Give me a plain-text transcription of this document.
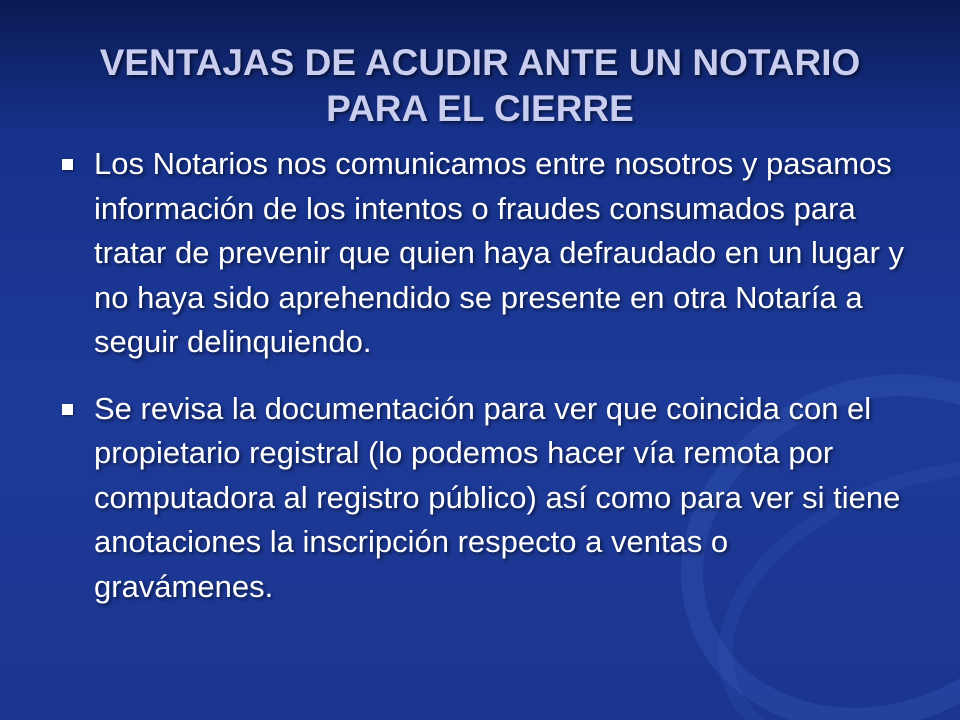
VENTAJAS DE ACUDIR ANTE UN NOTARIO PARA EL CIERRE
Los Notarios nos comunicamos entre nosotros y pasamos información de los intentos o fraudes consumados para tratar de prevenir que quien haya defraudado en un lugar y no haya sido aprehendido se presente en otra Notaría a seguir delinquiendo.
Se revisa la documentación para ver que coincida con el propietario registral (lo podemos hacer vía remota por computadora al registro público) así como para ver si tiene anotaciones la inscripción respecto a ventas o gravámenes.
